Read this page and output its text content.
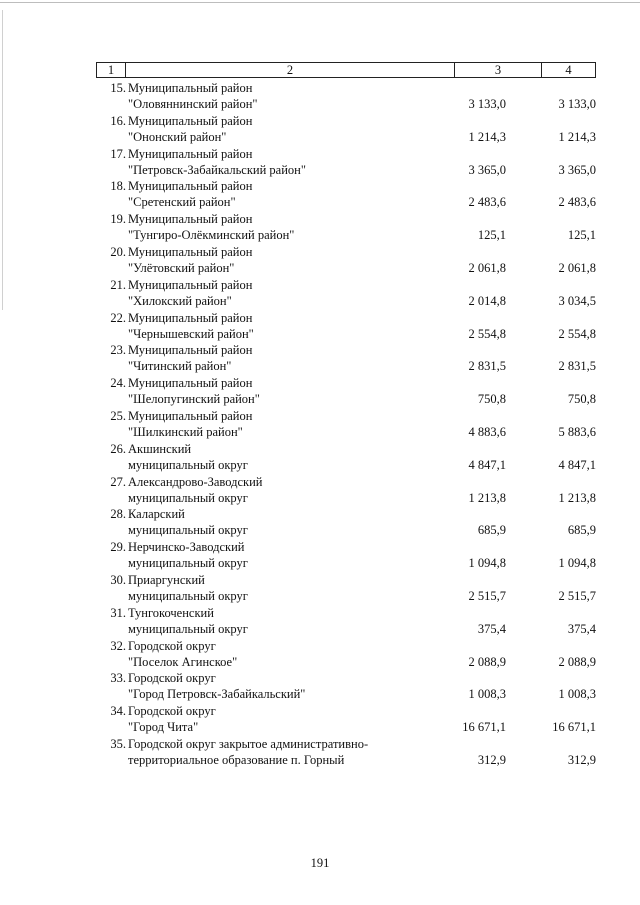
1	2	3	4
15. Муниципальный район
"Оловяннинский район"	3 133,0	3 133,0
16. Муниципальный район
"Ононский район"	1 214,3	1 214,3
17. Муниципальный район
"Петровск-Забайкальский район"	3 365,0	3 365,0
18. Муниципальный район
"Сретенский район"	2 483,6	2 483,6
19. Муниципальный район
"Тунгиро-Олёкминский район"	125,1	125,1
20. Муниципальный район
"Улётовский район"	2 061,8	2 061,8
21. Муниципальный район
"Хилокский район"	2 014,8	3 034,5
22. Муниципальный район
"Чернышевский район"	2 554,8	2 554,8
23. Муниципальный район
"Читинский район"	2 831,5	2 831,5
24. Муниципальный район
"Шелопугинский район"	750,8	750,8
25. Муниципальный район
"Шилкинский район"	4 883,6	5 883,6
26. Акшинский
муниципальный округ	4 847,1	4 847,1
27. Александрово-Заводский
муниципальный округ	1 213,8	1 213,8
28. Каларский
муниципальный округ	685,9	685,9
29. Нерчинско-Заводский
муниципальный округ	1 094,8	1 094,8
30. Приаргунский
муниципальный округ	2 515,7	2 515,7
31. Тунгокоченский
муниципальный округ	375,4	375,4
32. Городской округ
"Поселок Агинское"	2 088,9	2 088,9
33. Городской округ
"Город Петровск-Забайкальский"	1 008,3	1 008,3
34. Городской округ
"Город Чита"	16 671,1	16 671,1
35. Городской округ закрытое административно-
территориальное образование п. Горный	312,9	312,9
191
